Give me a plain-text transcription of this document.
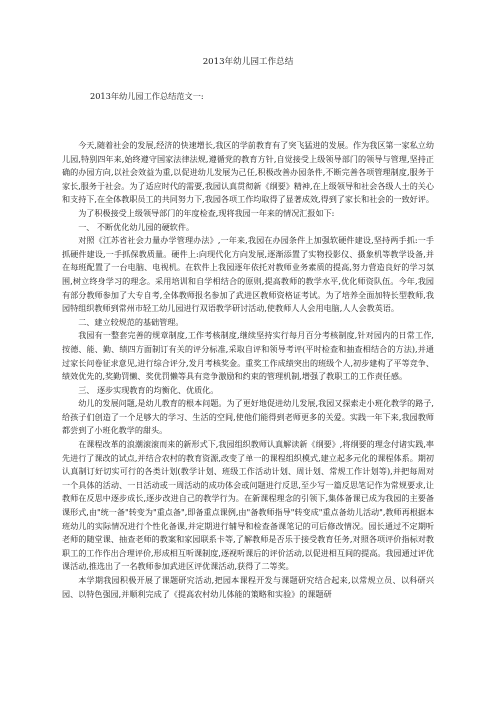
2013年幼儿园工作总结
2013年幼儿园工作总结范文一:

今天,随着社会的发展,经济的快速增长,我区的学前教育有了突飞猛进的发展。作为我区第一家私立幼儿园,特别四年来,始终遵守国家法律法规,遵循党的教育方针,自觉接受上级领导部门的领导与管理,坚持正确的办园方向,以社会效益为重,以促进幼儿发展为己任,积极改善办园条件,不断完善各项管理制度,服务于家长,服务于社会。为了适应时代的需要,我园认真贯彻新《纲要》精神,在上级领导和社会各级人士的关心和支持下,在全体教职员工的共同努力下,我园各项工作均取得了显著成效,得到了家长和社会的一致好评。

为了积极接受上级领导部门的年度检查,现将我园一年来的情况汇报如下:

一、 不断优化幼儿园的硬软件。

对照《江苏省社会力量办学管理办法》,一年来,我园在办园条件上加强软硬件建设,坚持两手抓:一手抓硬件建设,一手抓保教质量。硬件上:向现代化方向发展,逐渐添置了实物投影仪、摄象机等教学设备,并在每班配置了一台电脑、电视机。在软件上我园逐年依托对教师业务素质的提高,努力营造良好的学习氛围,树立终身学习的理念。采用培训和自学相结合的原则,提高教师的教学水平,优化师资队伍。今年,我园有部分教师参加了大专自考,全体教师报名参加了武进区教师资格证考试。为了培养全面加特长型教师,我园特组织教师到常州市轻工幼儿园进行双语教学研讨活动,使教师人人会用电脑,人人会教英语。

二、建立较规范的基础管理。

我园有一整套完善的规章制度,工作考核制度,继续坚持实行每月百分考核制度,针对园内的日常工作,按德、能、勤、绩四方面制订有关的评分标准,采取自评和领导考评(平时检查和抽查相结合的方法),并通过家长问卷征求意见,进行综合评分,发月考核奖金。重奖工作成绩突出的班级个人,初步建构了平等竞争、绩效优先的,奖勤罚懒、奖优罚懒等具有竞争激励和约束的管理机制,增强了教职工的工作责任感。

三、 逐步实现教育的均衡化、优质化。

幼儿的发展问题,是幼儿教育的根本问题。为了更好地促进幼儿发展,我园又探索走小班化教学的路子,给孩子们创造了一个足够大的学习、生活的空间,使他们能得到老师更多的关爱。实践一年下来,我园教师都尝到了小班化教学的甜头。

在课程改革的浪潮滚滚而来的新形式下,我园组织教师认真解读新《纲要》,将纲要的理念付诸实践,率先进行了课改的试点,并结合农村的教育资源,改变了单一的课程组织模式,建立起多元化的课程体系。期初认真制订好切实可行的各类计划(教学计划、班级工作活动计划、周计划、常规工作计划等),并把每周对一个具体的活动、一日活动或一周活动的成功体会或问题进行反思,至少写一篇反思笔记作为常规要求,让教师在反思中逐步成长,逐步改进自己的教学行为。在新课程理念的引领下,集体备课已成为我园的主要备课形式,由"统一备"转变为"重点备",即备重点课例,由"备教师指导"转变成"重点备幼儿活动",教师再根据本班幼儿的实际情况进行个性化备课,并定期进行辅导和检查备课笔记的可后修改情况。园长通过不定期听老师的随堂课、抽查老师的教案和家园联系卡等,了解教师是否乐于接受教育任务,对照各项评价指标对教职工的工作作出合理评价,形成相互听课制度,逐视听课后的评价活动,以促进相互间的提高。我园通过评优课活动,推选出了一名教师参加武进区评优课活动,获得了二等奖。

本学期我园积极开展了课题研究活动,把园本课程开发与课题研究结合起来,以常规立员、以科研兴园、以特色强园,并顺利完成了《提高农村幼儿体能的策略和实验》的课题研
